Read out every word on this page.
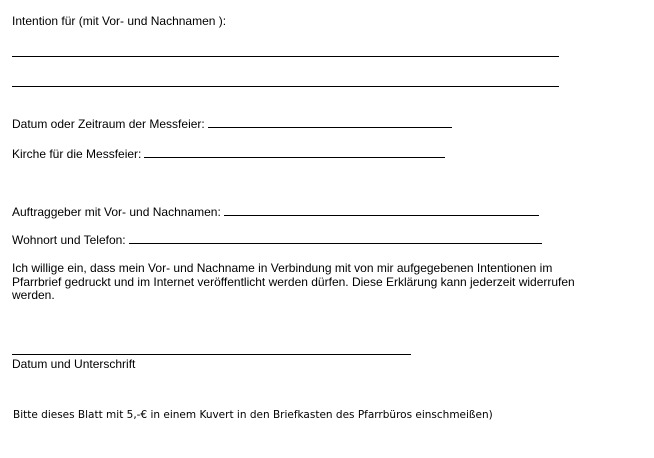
Intention für (mit Vor- und Nachnamen ):
Datum oder Zeitraum der Messfeier:
Kirche für die Messfeier:
Auftraggeber mit Vor- und Nachnamen:
Wohnort und Telefon:
Ich willige ein, dass mein Vor- und Nachname in Verbindung mit von mir aufgegebenen Intentionen im Pfarrbrief gedruckt und im Internet veröffentlicht werden dürfen. Diese Erklärung kann jederzeit widerrufen werden.
Datum und Unterschrift
Bitte dieses Blatt mit 5,-€ in einem Kuvert in den Briefkasten des Pfarrbüros einschmeißen)
